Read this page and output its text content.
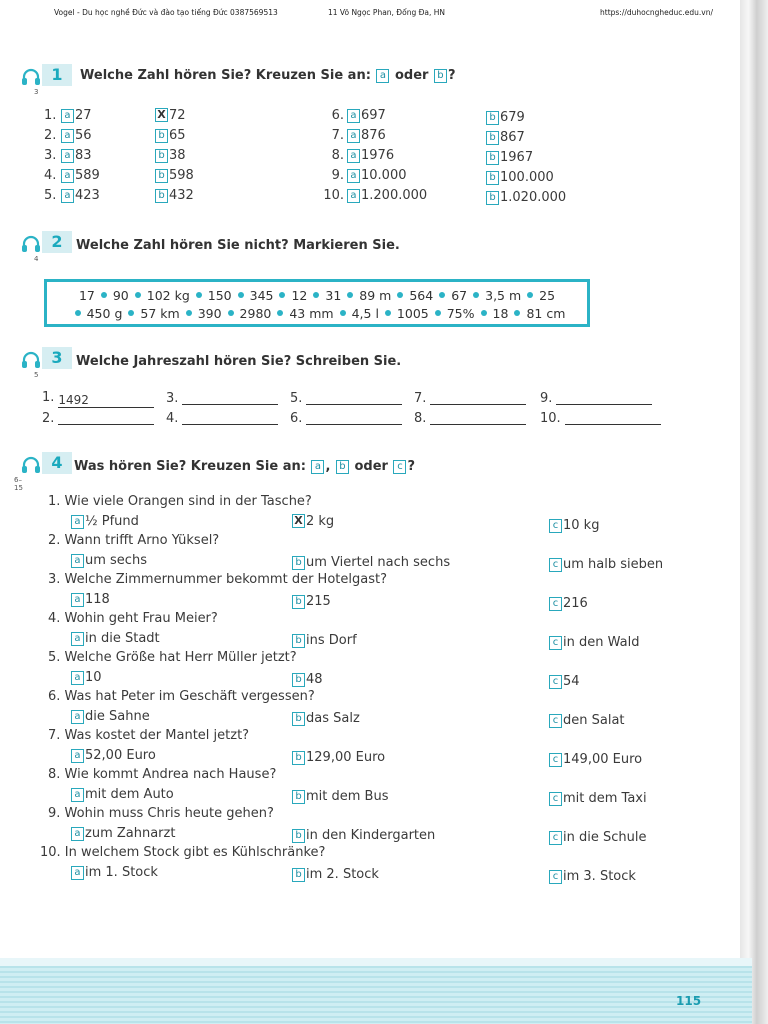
Vogel - Du học nghề Đức và đào tạo tiếng Đức 0387569513	11 Võ Ngọc Phan, Đống Đa, HN	https://duhocngheduc.edu.vn/
3
1	Welche Zahl hören Sie? Kreuzen Sie an: a oder b ?
1. a 27	X 72
2. a 56	b 65
3. a 83	b 38
4. a 589	b 598
5. a 423	b 432
6. a 697	b 679
7. a 876	b 867
8. a 1976	b 1967
9. a 10.000	b 100.000
10. a 1.200.000	b 1.020.000
4
2	Welche Zahl hören Sie nicht? Markieren Sie.
17 90 102 kg 150 345 12 31 89 m 564 67 3,5 m 25
450 g 57 km 390 2980 43 mm 4,5 l 1005 75% 18 81 cm
5
3	Welche Jahreszahl hören Sie? Schreiben Sie.
1. 1492
2.
3.
4.
5.
6.
7.
8.
9.
10.
6–15
4 Was hören Sie? Kreuzen Sie an: a , b oder c ?
1. Wie viele Orangen sind in der Tasche?
a ½ Pfund	X 2 kg	c 10 kg
2. Wann trifft Arno Yüksel?
a um sechs	b um Viertel nach sechs	c um halb sieben
3. Welche Zimmernummer bekommt der Hotelgast?
a 118	b 215	c 216
4. Wohin geht Frau Meier?
a in die Stadt	b ins Dorf	c in den Wald
5. Welche Größe hat Herr Müller jetzt?
a 10	b 48	c 54
6. Was hat Peter im Geschäft vergessen?
a die Sahne	b das Salz	c den Salat
7. Was kostet der Mantel jetzt?
a 52,00 Euro	b 129,00 Euro	c 149,00 Euro
8. Wie kommt Andrea nach Hause?
a mit dem Auto	b mit dem Bus	c mit dem Taxi
9. Wohin muss Chris heute gehen?
a zum Zahnarzt	b in den Kindergarten	c in die Schule
10. In welchem Stock gibt es Kühlschränke?
a im 1. Stock	b im 2. Stock	c im 3. Stock
115
